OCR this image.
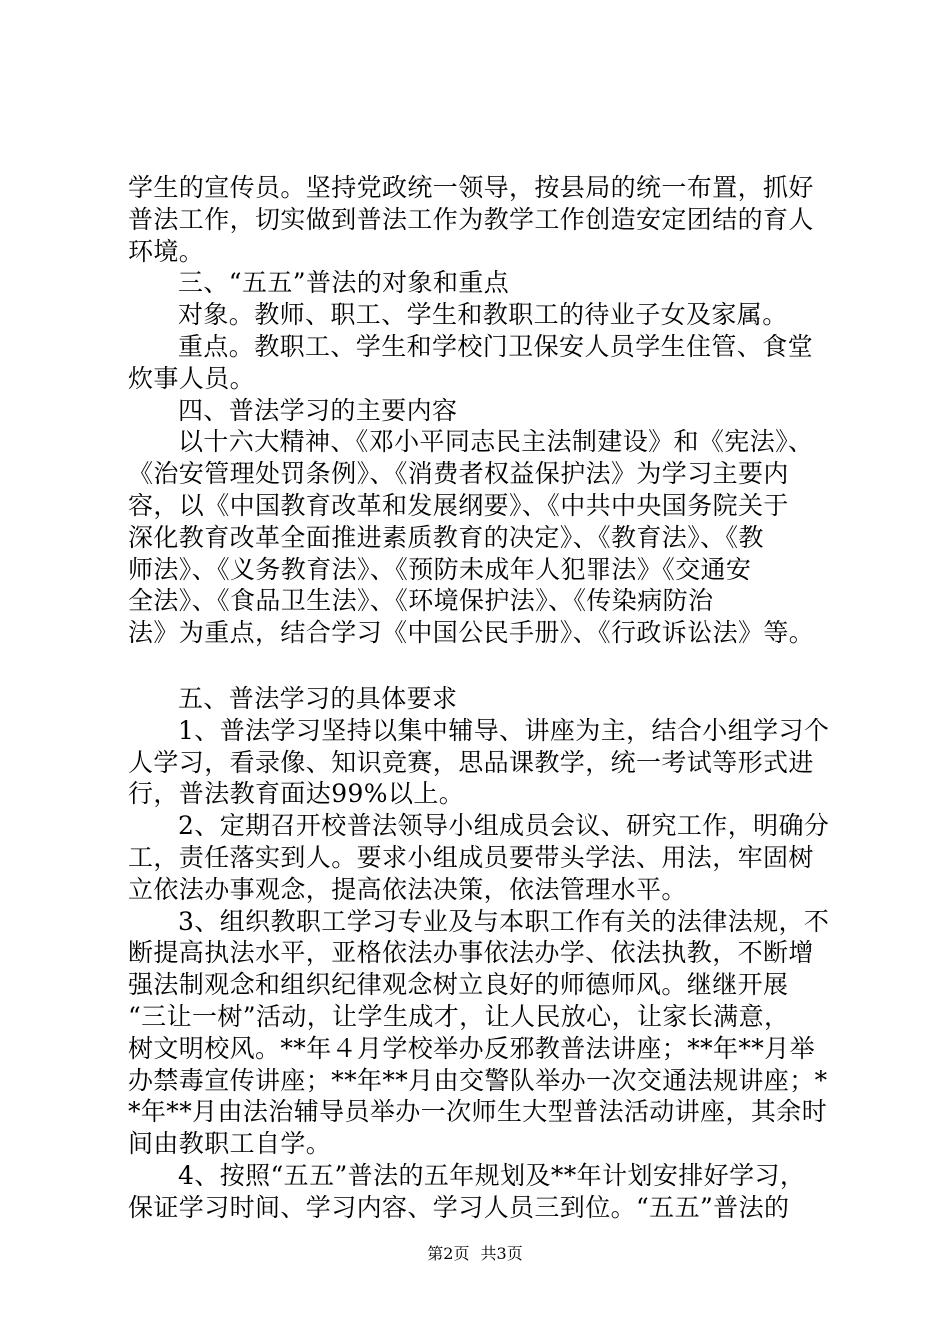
学生的宣传员。坚持党政统一领导，按县局的统一布置，抓好
普法工作，切实做到普法工作为教学工作创造安定团结的育人
环境。
三、“五五”普法的对象和重点
对象。教师、职工、学生和教职工的待业子女及家属。
重点。教职工、学生和学校门卫保安人员学生住管、食堂
炊事人员。
四、普法学习的主要内容
以十六大精神、《邓小平同志民主法制建设》和《宪法》、
《治安管理处罚条例》、《消费者权益保护法》为学习主要内
容，以《中国教育改革和发展纲要》、《中共中央国务院关于
深化教育改革全面推进素质教育的决定》、《教育法》、《教
师法》、《义务教育法》、《预防未成年人犯罪法》《交通安
全法》、《食品卫生法》、《环境保护法》、《传染病防治
法》为重点，结合学习《中国公民手册》、《行政诉讼法》等。
五、普法学习的具体要求
1、普法学习坚持以集中辅导、讲座为主，结合小组学习个
人学习，看录像、知识竞赛，思品课教学，统一考试等形式进
行，普法教育面达99%以上。
2、定期召开校普法领导小组成员会议、研究工作，明确分
工，责任落实到人。要求小组成员要带头学法、用法，牢固树
立依法办事观念，提高依法决策，依法管理水平。
3、组织教职工学习专业及与本职工作有关的法律法规，不
断提高执法水平，亚格依法办事依法办学、依法执教，不断增
强法制观念和组织纪律观念树立良好的师德师风。继继开展
“三让一树”活动，让学生成才，让人民放心，让家长满意，
树文明校风。**年４月学校举办反邪教普法讲座；**年**月举
办禁毒宣传讲座；**年**月由交警队举办一次交通法规讲座；*
*年**月由法治辅导员举办一次师生大型普法活动讲座，其余时
间由教职工自学。
4、按照“五五”普法的五年规划及**年计划安排好学习，
保证学习时间、学习内容、学习人员三到位。“五五”普法的
第2页 共3页
